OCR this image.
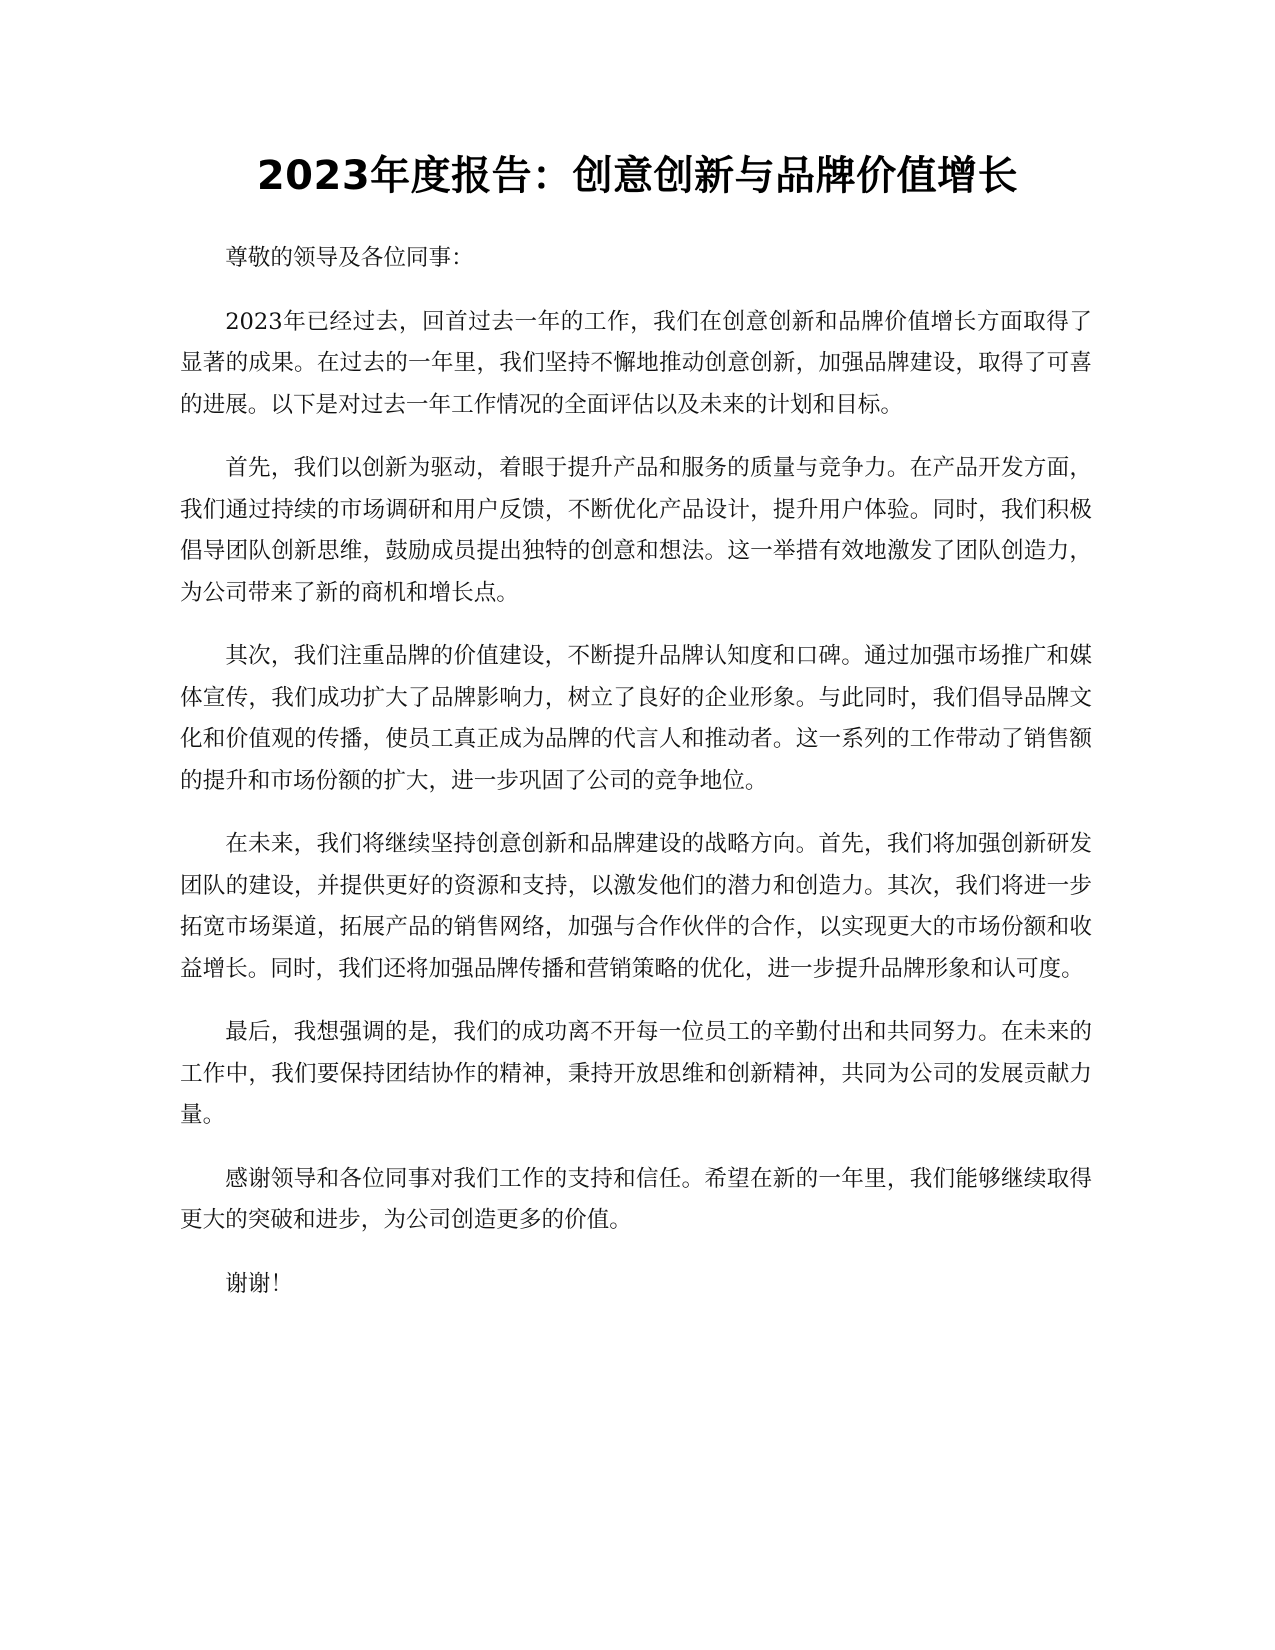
2023年度报告：创意创新与品牌价值增长

尊敬的领导及各位同事：

2023年已经过去，回首过去一年的工作，我们在创意创新和品牌价值增长方面取得了显著的成果。在过去的一年里，我们坚持不懈地推动创意创新，加强品牌建设，取得了可喜的进展。以下是对过去一年工作情况的全面评估以及未来的计划和目标。

首先，我们以创新为驱动，着眼于提升产品和服务的质量与竞争力。在产品开发方面，我们通过持续的市场调研和用户反馈，不断优化产品设计，提升用户体验。同时，我们积极倡导团队创新思维，鼓励成员提出独特的创意和想法。这一举措有效地激发了团队创造力，为公司带来了新的商机和增长点。

其次，我们注重品牌的价值建设，不断提升品牌认知度和口碑。通过加强市场推广和媒体宣传，我们成功扩大了品牌影响力，树立了良好的企业形象。与此同时，我们倡导品牌文化和价值观的传播，使员工真正成为品牌的代言人和推动者。这一系列的工作带动了销售额的提升和市场份额的扩大，进一步巩固了公司的竞争地位。

在未来，我们将继续坚持创意创新和品牌建设的战略方向。首先，我们将加强创新研发团队的建设，并提供更好的资源和支持，以激发他们的潜力和创造力。其次，我们将进一步拓宽市场渠道，拓展产品的销售网络，加强与合作伙伴的合作，以实现更大的市场份额和收益增长。同时，我们还将加强品牌传播和营销策略的优化，进一步提升品牌形象和认可度。

最后，我想强调的是，我们的成功离不开每一位员工的辛勤付出和共同努力。在未来的工作中，我们要保持团结协作的精神，秉持开放思维和创新精神，共同为公司的发展贡献力量。

感谢领导和各位同事对我们工作的支持和信任。希望在新的一年里，我们能够继续取得更大的突破和进步，为公司创造更多的价值。

谢谢！
